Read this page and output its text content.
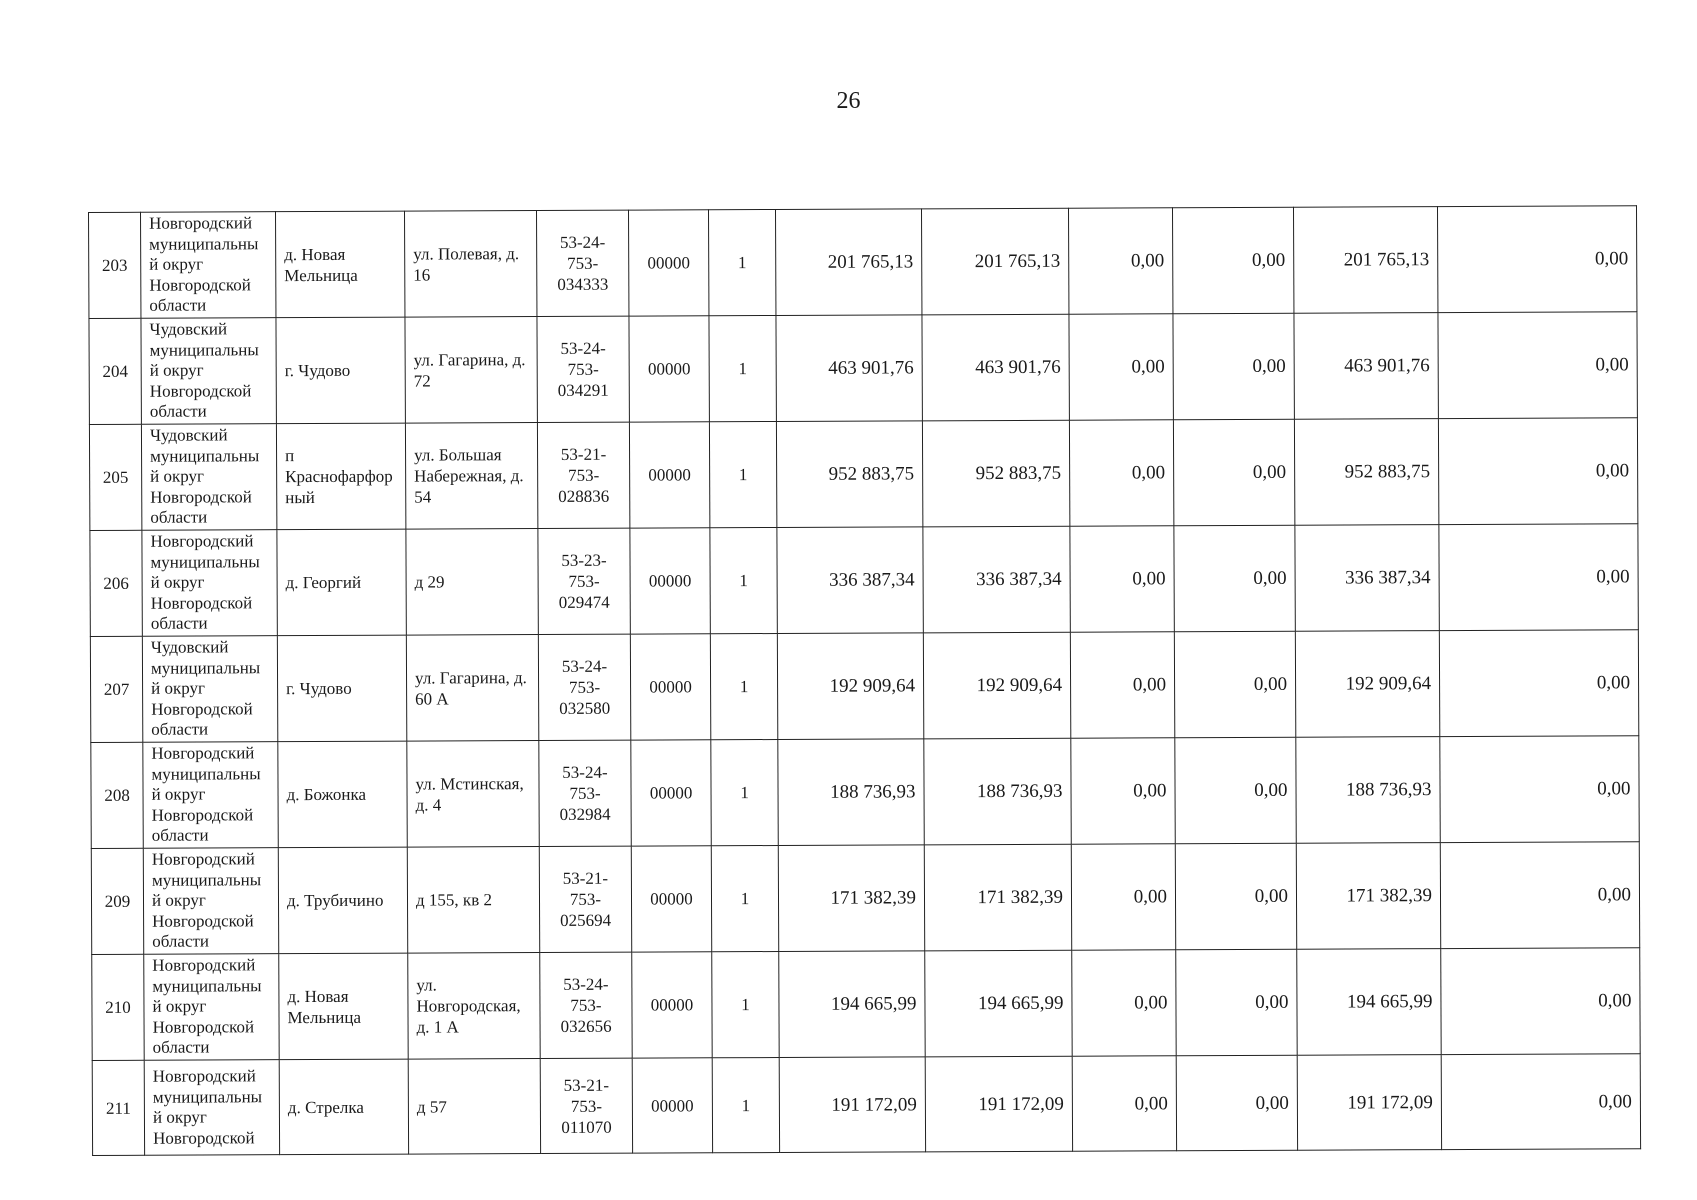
26
203	Новгородский
муниципальны
й округ
Новгородской
области	д. Новая
Мельница	ул. Полевая, д.
16	53-24-
753-
034333	00000	1	201 765,13	201 765,13	0,00	0,00	201 765,13	0,00
204	Чудовский
муниципальны
й округ
Новгородской
области	г. Чудово	ул. Гагарина, д.
72	53-24-
753-
034291	00000	1	463 901,76	463 901,76	0,00	0,00	463 901,76	0,00
205	Чудовский
муниципальны
й округ
Новгородской
области	п
Краснофарфор
ный	ул. Большая
Набережная, д.
54	53-21-
753-
028836	00000	1	952 883,75	952 883,75	0,00	0,00	952 883,75	0,00
206	Новгородский
муниципальны
й округ
Новгородской
области	д. Георгий	д 29	53-23-
753-
029474	00000	1	336 387,34	336 387,34	0,00	0,00	336 387,34	0,00
207	Чудовский
муниципальны
й округ
Новгородской
области	г. Чудово	ул. Гагарина, д.
60 А	53-24-
753-
032580	00000	1	192 909,64	192 909,64	0,00	0,00	192 909,64	0,00
208	Новгородский
муниципальны
й округ
Новгородской
области	д. Божонка	ул. Мстинская,
д. 4	53-24-
753-
032984	00000	1	188 736,93	188 736,93	0,00	0,00	188 736,93	0,00
209	Новгородский
муниципальны
й округ
Новгородской
области	д. Трубичино	д 155, кв 2	53-21-
753-
025694	00000	1	171 382,39	171 382,39	0,00	0,00	171 382,39	0,00
210	Новгородский
муниципальны
й округ
Новгородской
области	д. Новая
Мельница	ул.
Новгородская,
д. 1 А	53-24-
753-
032656	00000	1	194 665,99	194 665,99	0,00	0,00	194 665,99	0,00
211	Новгородский
муниципальны
й округ
Новгородской	д. Стрелка	д 57	53-21-
753-
011070	00000	1	191 172,09	191 172,09	0,00	0,00	191 172,09	0,00
